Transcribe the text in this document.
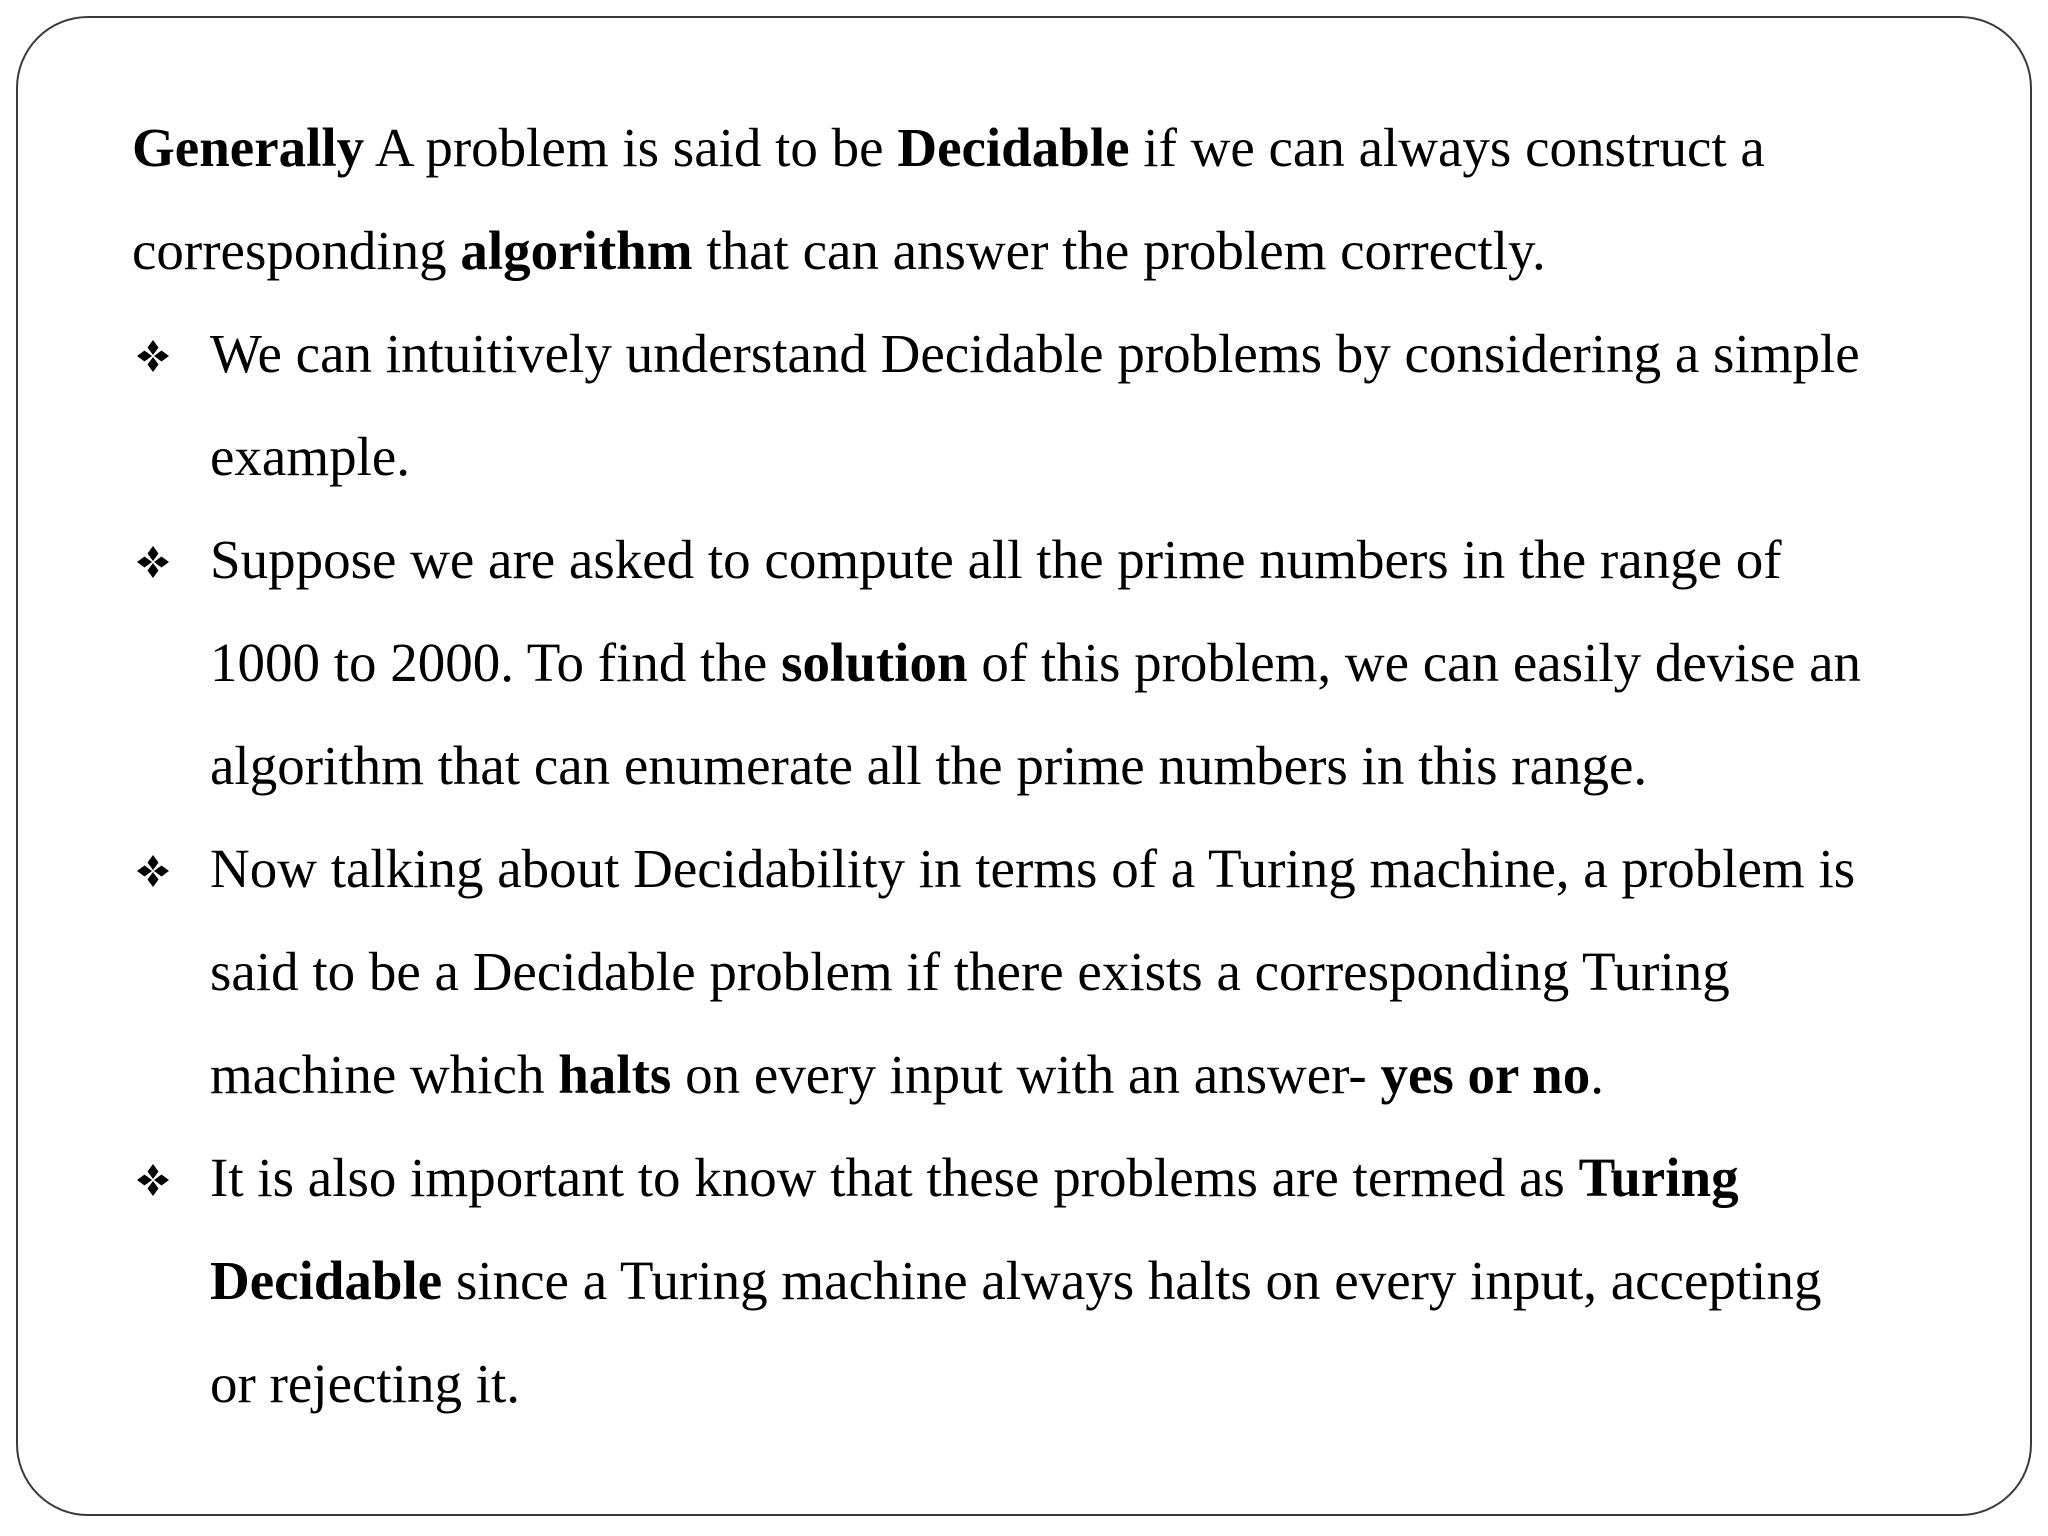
Generally A problem is said to be Decidable if we can always construct a
corresponding algorithm that can answer the problem correctly.

We can intuitively understand Decidable problems by considering a simple
example.
Suppose we are asked to compute all the prime numbers in the range of
1000 to 2000. To find the solution of this problem, we can easily devise an
algorithm that can enumerate all the prime numbers in this range.
Now talking about Decidability in terms of a Turing machine, a problem is
said to be a Decidable problem if there exists a corresponding Turing
machine which halts on every input with an answer- yes or no.
It is also important to know that these problems are termed as Turing
Decidable since a Turing machine always halts on every input, accepting
or rejecting it.
